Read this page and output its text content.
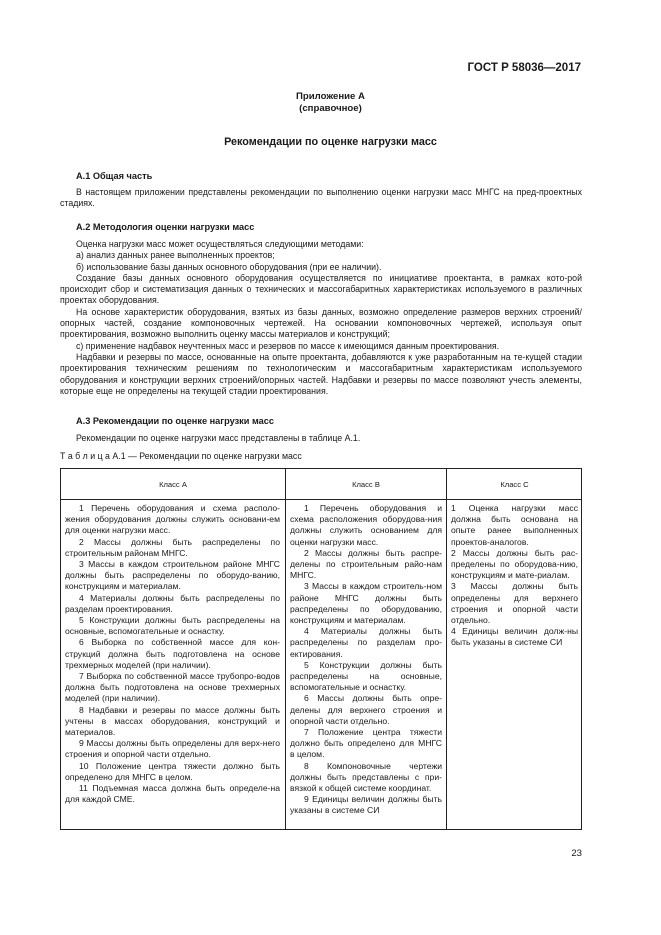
ГОСТ Р 58036—2017
Приложение А
(справочное)
Рекомендации по оценке нагрузки масс
А.1 Общая часть

В настоящем приложении представлены рекомендации по выполнению оценки нагрузки масс МНГС на пред-проектных стадиях.

А.2 Методология оценки нагрузки масс

Оценка нагрузки масс может осуществляться следующими методами:

а) анализ данных ранее выполненных проектов;

б) использование базы данных основного оборудования (при ее наличии).

Создание базы данных основного оборудования осуществляется по инициативе проектанта, в рамках кото-рой происходит сбор и систематизация данных о технических и массогабаритных характеристиках используемого в различных проектах оборудования.

На основе характеристик оборудования, взятых из базы данных, возможно определение размеров верхних строений/опорных частей, создание компоновочных чертежей. На основании компоновочных чертежей, используя опыт проектирования, возможно выполнить оценку массы материалов и конструкций;

с) применение надбавок неучтенных масс и резервов по массе к имеющимся данным проектирования.

Надбавки и резервы по массе, основанные на опыте проектанта, добавляются к уже разработанным на те-кущей стадии проектирования техническим решениям по технологическим и массогабаритным характеристикам используемого оборудования и конструкции верхних строений/опорных частей. Надбавки и резервы по массе позволяют учесть элементы, которые еще не определены на текущей стадии проектирования.

А.3 Рекомендации по оценке нагрузки масс

Рекомендации по оценке нагрузки масс представлены в таблице А.1.

Т а б л и ц а А.1 — Рекомендации по оценке нагрузки масс
Класс А	Класс В	Класс С

1 Перечень оборудования и схема располо-жения оборудования должны служить основани-ем для оценки нагрузки масс.

2 Массы должны быть распределены по строительным районам МНГС.

3 Массы в каждом строительном районе МНГС должны быть распределены по оборудо-ванию, конструкциям и материалам.

4 Материалы должны быть распределены по разделам проектирования.

5 Конструкции должны быть распределены на основные, вспомогательные и оснастку.

6 Выборка по собственной массе для кон-струкций должна быть подготовлена на основе трехмерных моделей (при наличии).

7 Выборка по собственной массе трубопро-водов должна быть подготовлена на основе трехмерных моделей (при наличии).

8 Надбавки и резервы по массе должны быть учтены в массах оборудования, конструкций и материалов.

9 Массы должны быть определены для верх-него строения и опорной части отдельно.

10 Положение центра тяжести должно быть определено для МНГС в целом.

11 Подъемная масса должна быть определе-на для каждой СМЕ.

1 Перечень оборудования и схема расположения оборудова-ния должны служить основанием для оценки нагрузки масс.

2 Массы должны быть распре-делены по строительным райо-нам МНГС.

3 Массы в каждом строитель-ном районе МНГС должны быть распределены по оборудованию, конструкциям и материалам.

4 Материалы должны быть распределены по разделам про-ектирования.

5 Конструкции должны быть распределены на основные, вспомогательные и оснастку.

6 Массы должны быть опре-делены для верхнего строения и опорной части отдельно.

7 Положение центра тяжести должно быть определено для МНГС в целом.

8 Компоновочные чертежи должны быть представлены с при-вязкой к общей системе координат.

9 Единицы величин должны быть указаны в системе СИ

1 Оценка нагрузки масс должна быть основана на опыте ранее выполненных проектов-аналогов.

2 Массы должны быть рас-пределены по оборудова-нию, конструкциям и мате-риалам.

3 Массы должны быть определены для верхнего строения и опорной части отдельно.

4 Единицы величин долж-ны быть указаны в системе СИ

23
